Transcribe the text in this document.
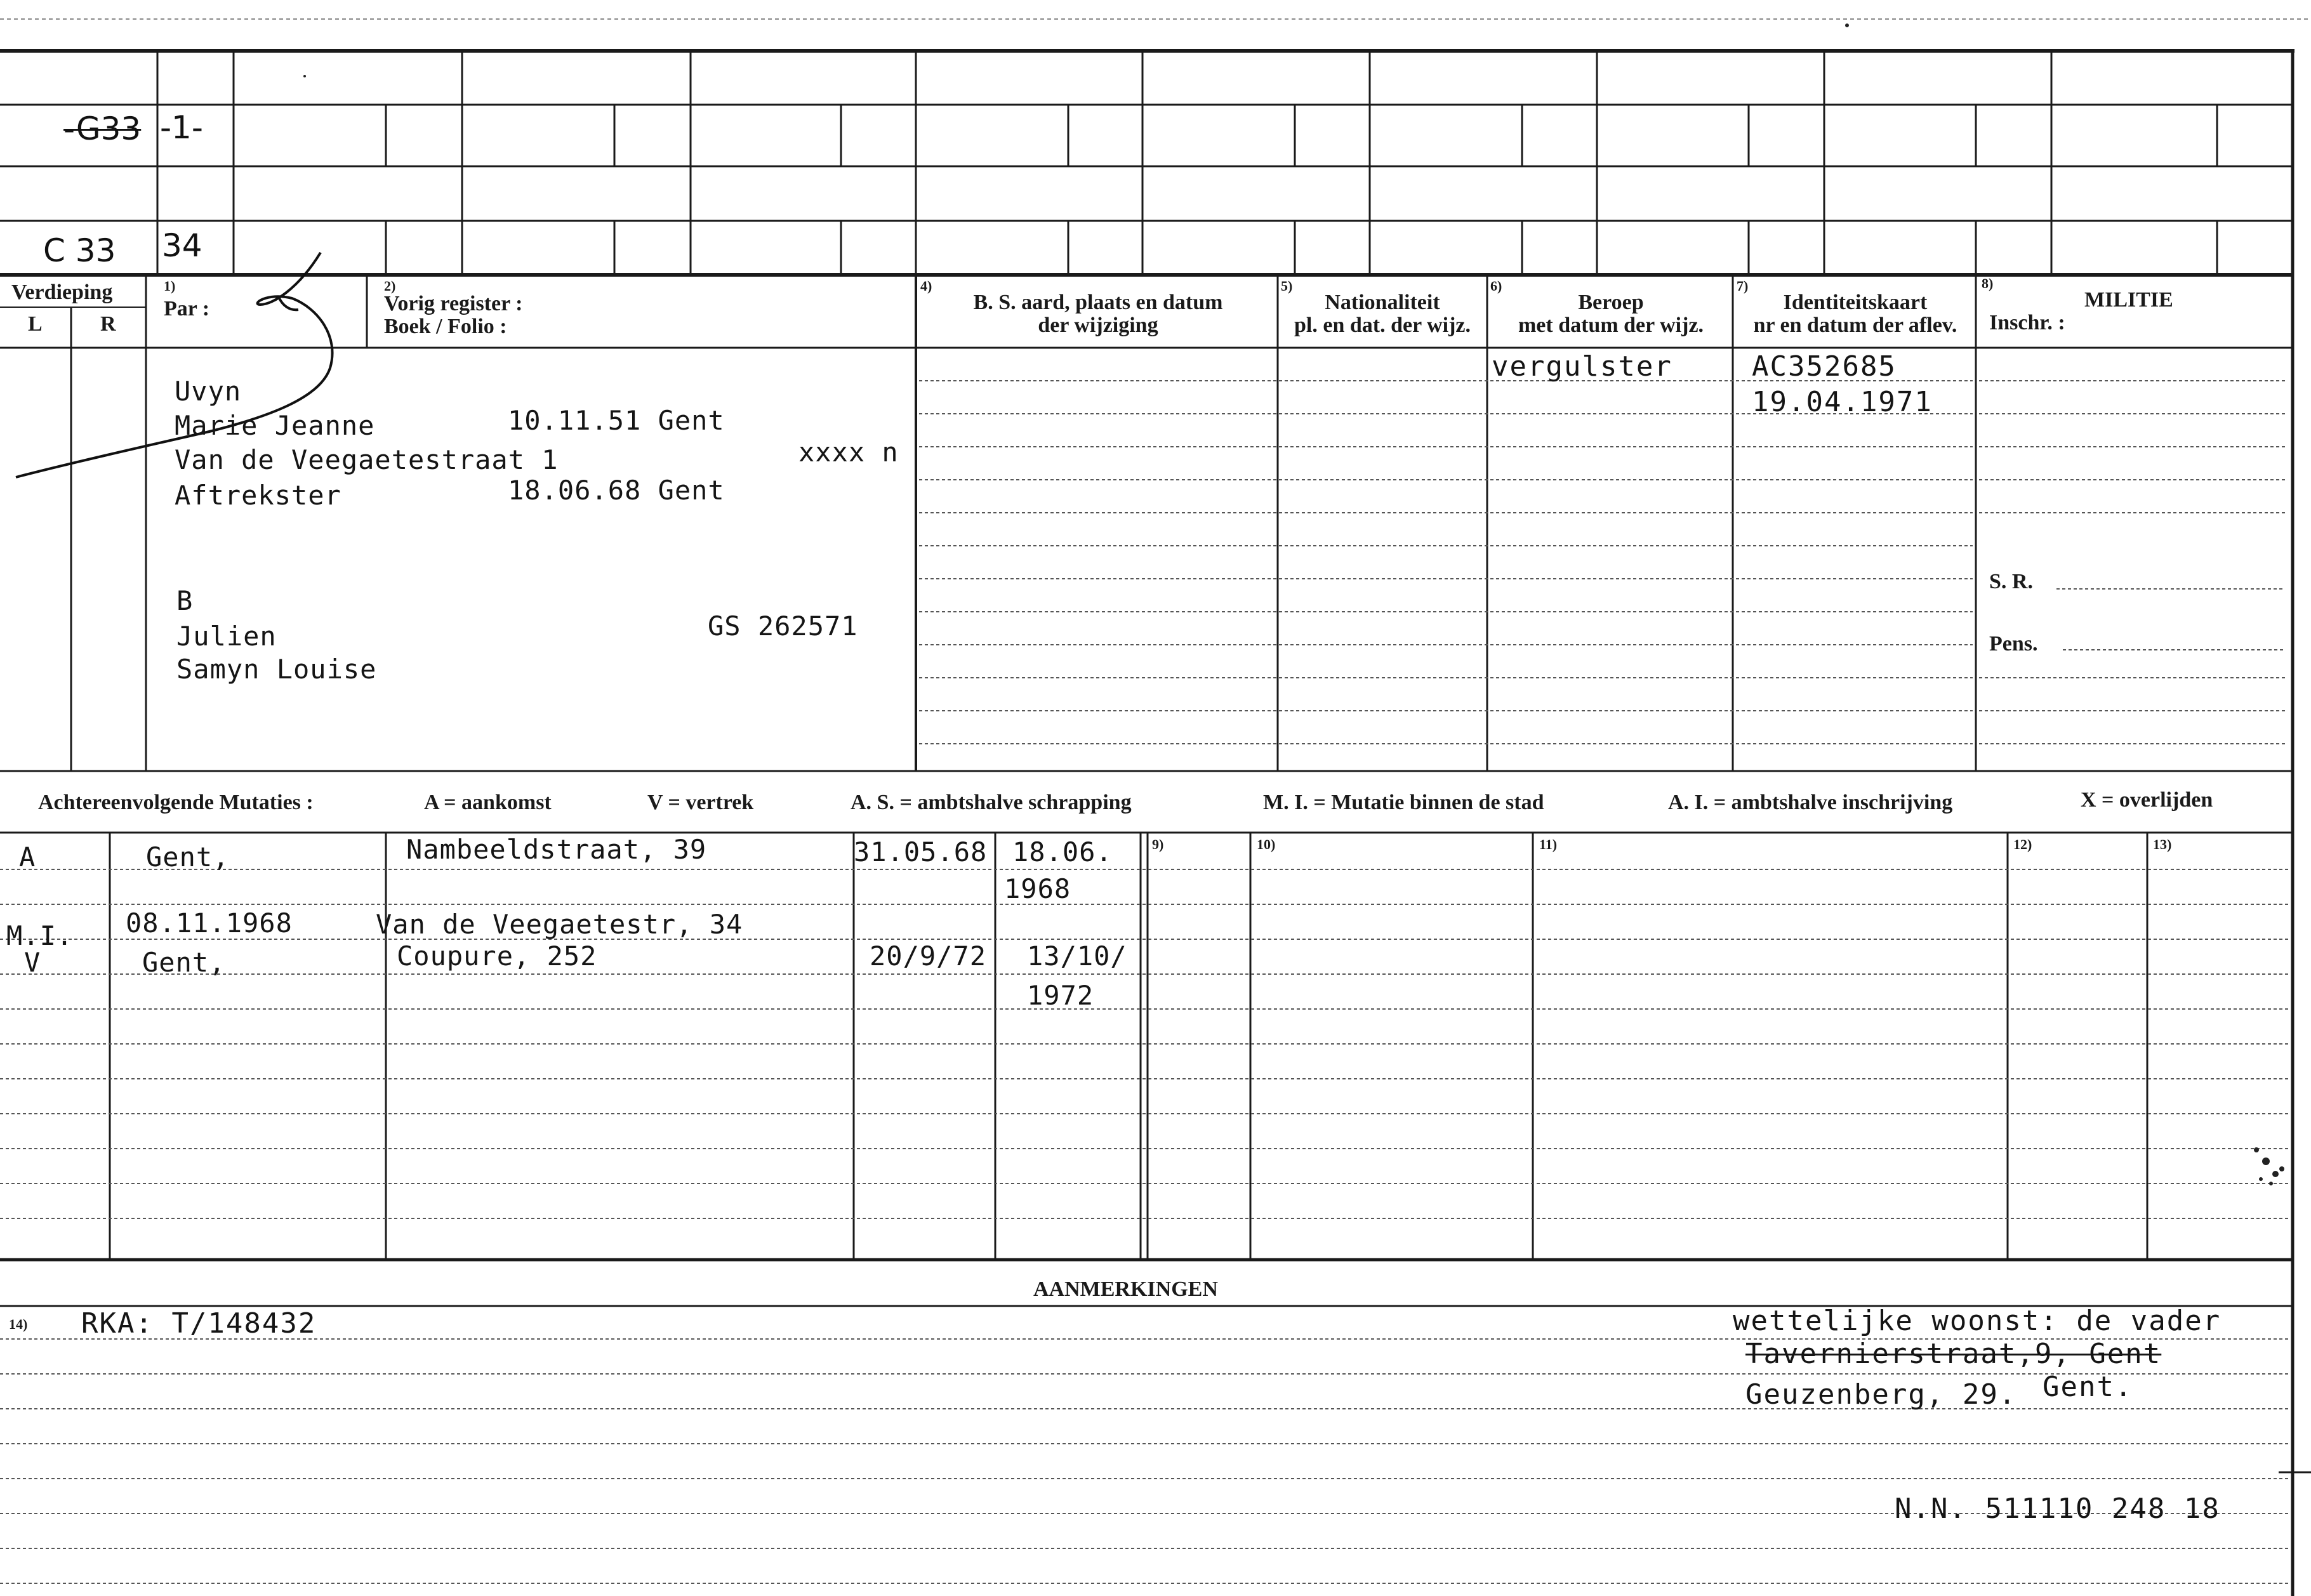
-G33 -1-
C 33 34
Verdieping
L	R
1)
Par :
2)
Vorig register :
Boek / Folio :
4)
B. S. aard, plaats en datum
der wijziging
5)
Nationaliteit
pl. en dat. der wijz.
6)
Beroep
met datum der wijz.
7)
Identiteitskaart
nr en datum der aflev.
8)
MILITIE
Inschr. :
S. R.
Pens.
Uvyn
Marie Jeanne	10.11.51 Gent
Van de Veegaetestraat 1	xxxx n
Aftrekster	18.06.68 Gent
B
Julien	GS 262571
Samyn Louise
vergulster	AC352685
19.04.1971
Achtereenvolgende Mutaties :	A = aankomst	V = vertrek	A. S. = ambtshalve schrapping	M. I. = Mutatie binnen de stad	A. I. = ambtshalve inschrijving	X = overlijden
9)	10)	11)	12)	13)
A	Gent,	Nambeeldstraat, 39	31.05.68 18.06.
1968
M.I. 08.11.1968	Van de Veegaetestr, 34
V	Gent,	Coupure, 252	20/9/72 13/10/
1972
AANMERKINGEN
14) RKA: T/148432	wettelijke woonst: de vader
Tavernierstraat,9, Gent
Geuzenberg, 29. Gent.
N.N. 511110 248 18
